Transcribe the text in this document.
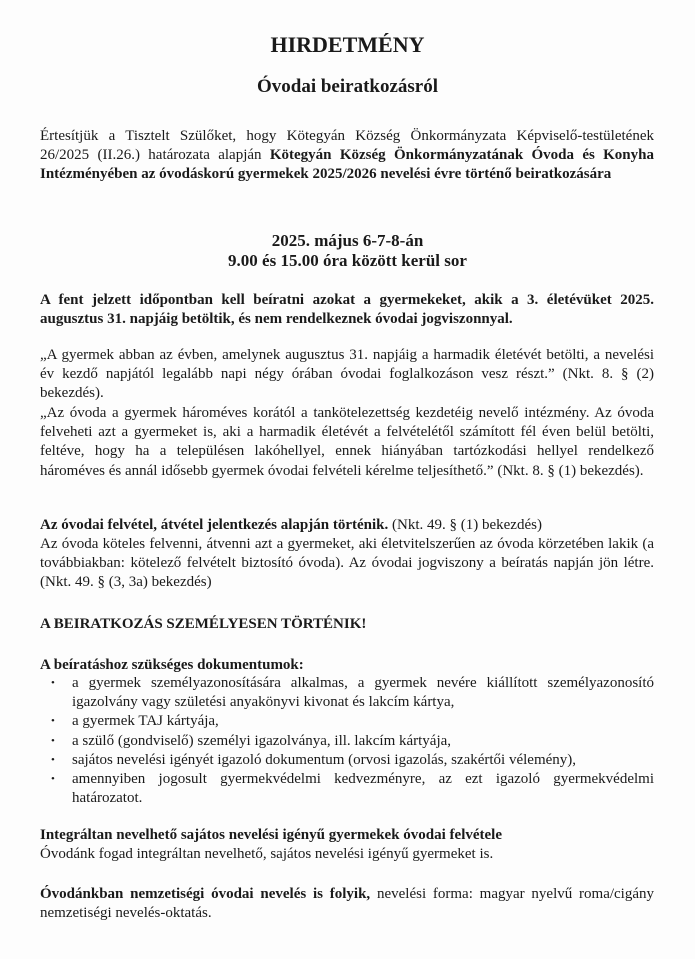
HIRDETMÉNY
Óvodai beiratkozásról

Értesítjük a Tisztelt Szülőket, hogy Kötegyán Község Önkormányzata Képviselő-testületének 26/2025 (II.26.) határozata alapján Kötegyán Község Önkormányzatának Óvoda és Konyha Intézményében az óvodáskorú gyermekek 2025/2026 nevelési évre történő beiratkozására

2025. május 6-7-8-án
9.00 és 15.00 óra között kerül sor

A fent jelzett időpontban kell beíratni azokat a gyermekeket, akik a 3. életévüket 2025. augusztus 31. napjáig betöltik, és nem rendelkeznek óvodai jogviszonnyal.

„A gyermek abban az évben, amelynek augusztus 31. napjáig a harmadik életévét betölti, a nevelési év kezdő napjától legalább napi négy órában óvodai foglalkozáson vesz részt.” (Nkt. 8. § (2) bekezdés).

„Az óvoda a gyermek hároméves korától a tankötelezettség kezdetéig nevelő intézmény. Az óvoda felveheti azt a gyermeket is, aki a harmadik életévét a felvételétől számított fél éven belül betölti, feltéve, hogy ha a településen lakóhellyel, ennek hiányában tartózkodási hellyel rendelkező hároméves és annál idősebb gyermek óvodai felvételi kérelme teljesíthető.” (Nkt. 8. § (1) bekezdés).

Az óvodai felvétel, átvétel jelentkezés alapján történik. (Nkt. 49. § (1) bekezdés)

Az óvoda köteles felvenni, átvenni azt a gyermeket, aki életvitelszerűen az óvoda körzetében lakik (a továbbiakban: kötelező felvételt biztosító óvoda). Az óvodai jogviszony a beíratás napján jön létre. (Nkt. 49. § (3, 3a) bekezdés)

A BEIRATKOZÁS SZEMÉLYESEN TÖRTÉNIK!
A beíratáshoz szükséges dokumentumok:
• a gyermek személyazonosítására alkalmas, a gyermek nevére kiállított személyazonosító igazolvány vagy születési anyakönyvi kivonat és lakcím kártya,
• a gyermek TAJ kártyája,
• a szülő (gondviselő) személyi igazolványa, ill. lakcím kártyája,
• sajátos nevelési igényét igazoló dokumentum (orvosi igazolás, szakértői vélemény),
• amennyiben jogosult gyermekvédelmi kedvezményre, az ezt igazoló gyermekvédelmi határozatot.
Integráltan nevelhető sajátos nevelési igényű gyermekek óvodai felvétele
Óvodánk fogad integráltan nevelhető, sajátos nevelési igényű gyermeket is.

Óvodánkban nemzetiségi óvodai nevelés is folyik, nevelési forma: magyar nyelvű roma/cigány nemzetiségi nevelés-oktatás.
